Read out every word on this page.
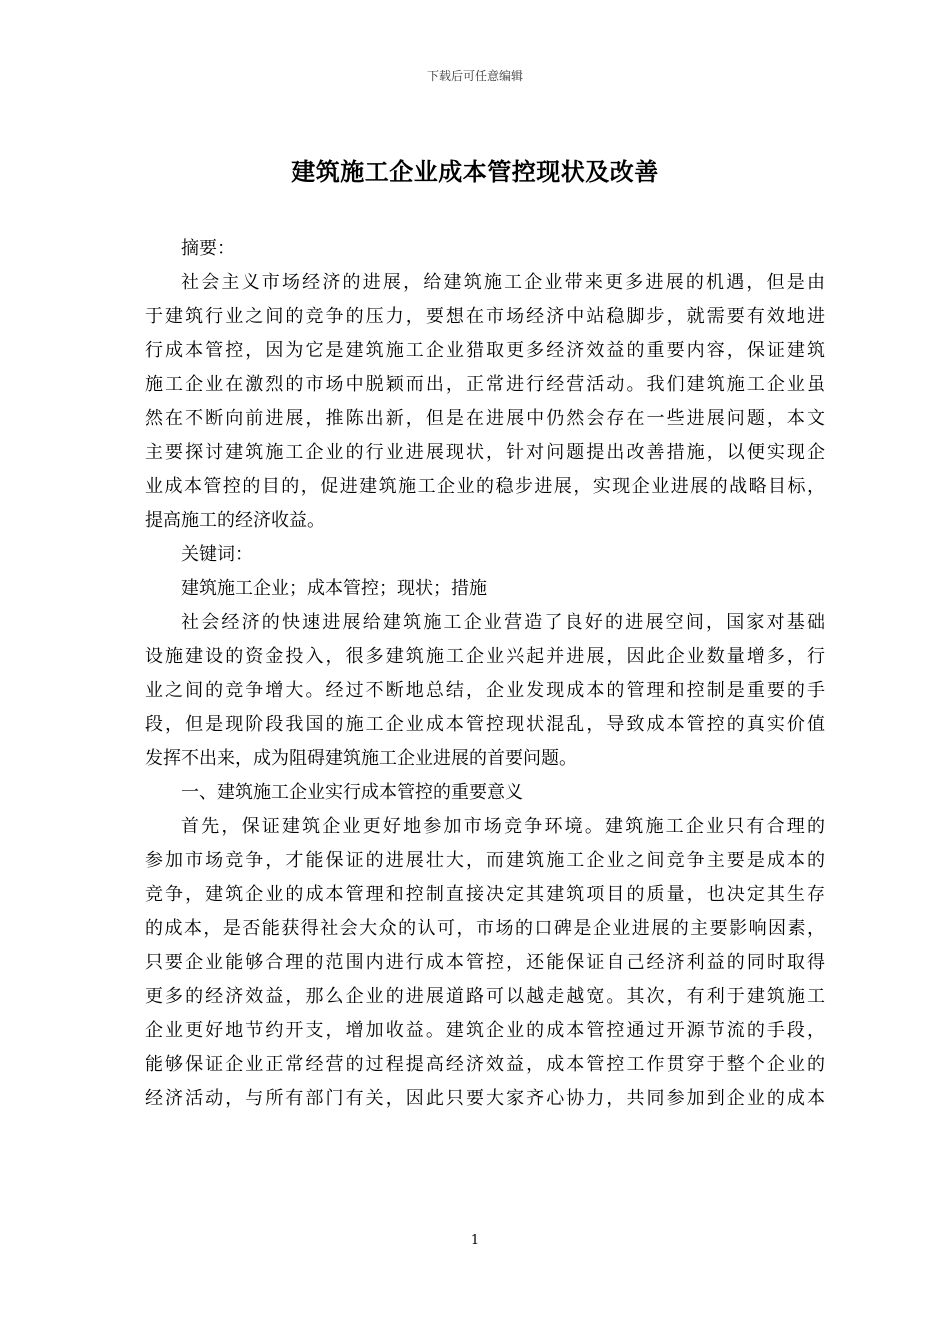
下载后可任意编辑
建筑施工企业成本管控现状及改善
摘要：
社会主义市场经济的进展，给建筑施工企业带来更多进展的机遇，但是由
于建筑行业之间的竞争的压力，要想在市场经济中站稳脚步，就需要有效地进
行成本管控，因为它是建筑施工企业猎取更多经济效益的重要内容，保证建筑
施工企业在激烈的市场中脱颖而出，正常进行经营活动。我们建筑施工企业虽
然在不断向前进展，推陈出新，但是在进展中仍然会存在一些进展问题，本文
主要探讨建筑施工企业的行业进展现状，针对问题提出改善措施，以便实现企
业成本管控的目的，促进建筑施工企业的稳步进展，实现企业进展的战略目标，
提高施工的经济收益。
关键词：
建筑施工企业；成本管控；现状；措施
社会经济的快速进展给建筑施工企业营造了良好的进展空间，国家对基础
设施建设的资金投入，很多建筑施工企业兴起并进展，因此企业数量增多，行
业之间的竞争增大。经过不断地总结，企业发现成本的管理和控制是重要的手
段，但是现阶段我国的施工企业成本管控现状混乱，导致成本管控的真实价值
发挥不出来，成为阻碍建筑施工企业进展的首要问题。
一、建筑施工企业实行成本管控的重要意义
首先，保证建筑企业更好地参加市场竞争环境。建筑施工企业只有合理的
参加市场竞争，才能保证的进展壮大，而建筑施工企业之间竞争主要是成本的
竞争，建筑企业的成本管理和控制直接决定其建筑项目的质量，也决定其生存
的成本，是否能获得社会大众的认可，市场的口碑是企业进展的主要影响因素，
只要企业能够合理的范围内进行成本管控，还能保证自己经济利益的同时取得
更多的经济效益，那么企业的进展道路可以越走越宽。其次，有利于建筑施工
企业更好地节约开支，增加收益。建筑企业的成本管控通过开源节流的手段，
能够保证企业正常经营的过程提高经济效益，成本管控工作贯穿于整个企业的
经济活动，与所有部门有关，因此只要大家齐心协力，共同参加到企业的成本
1
